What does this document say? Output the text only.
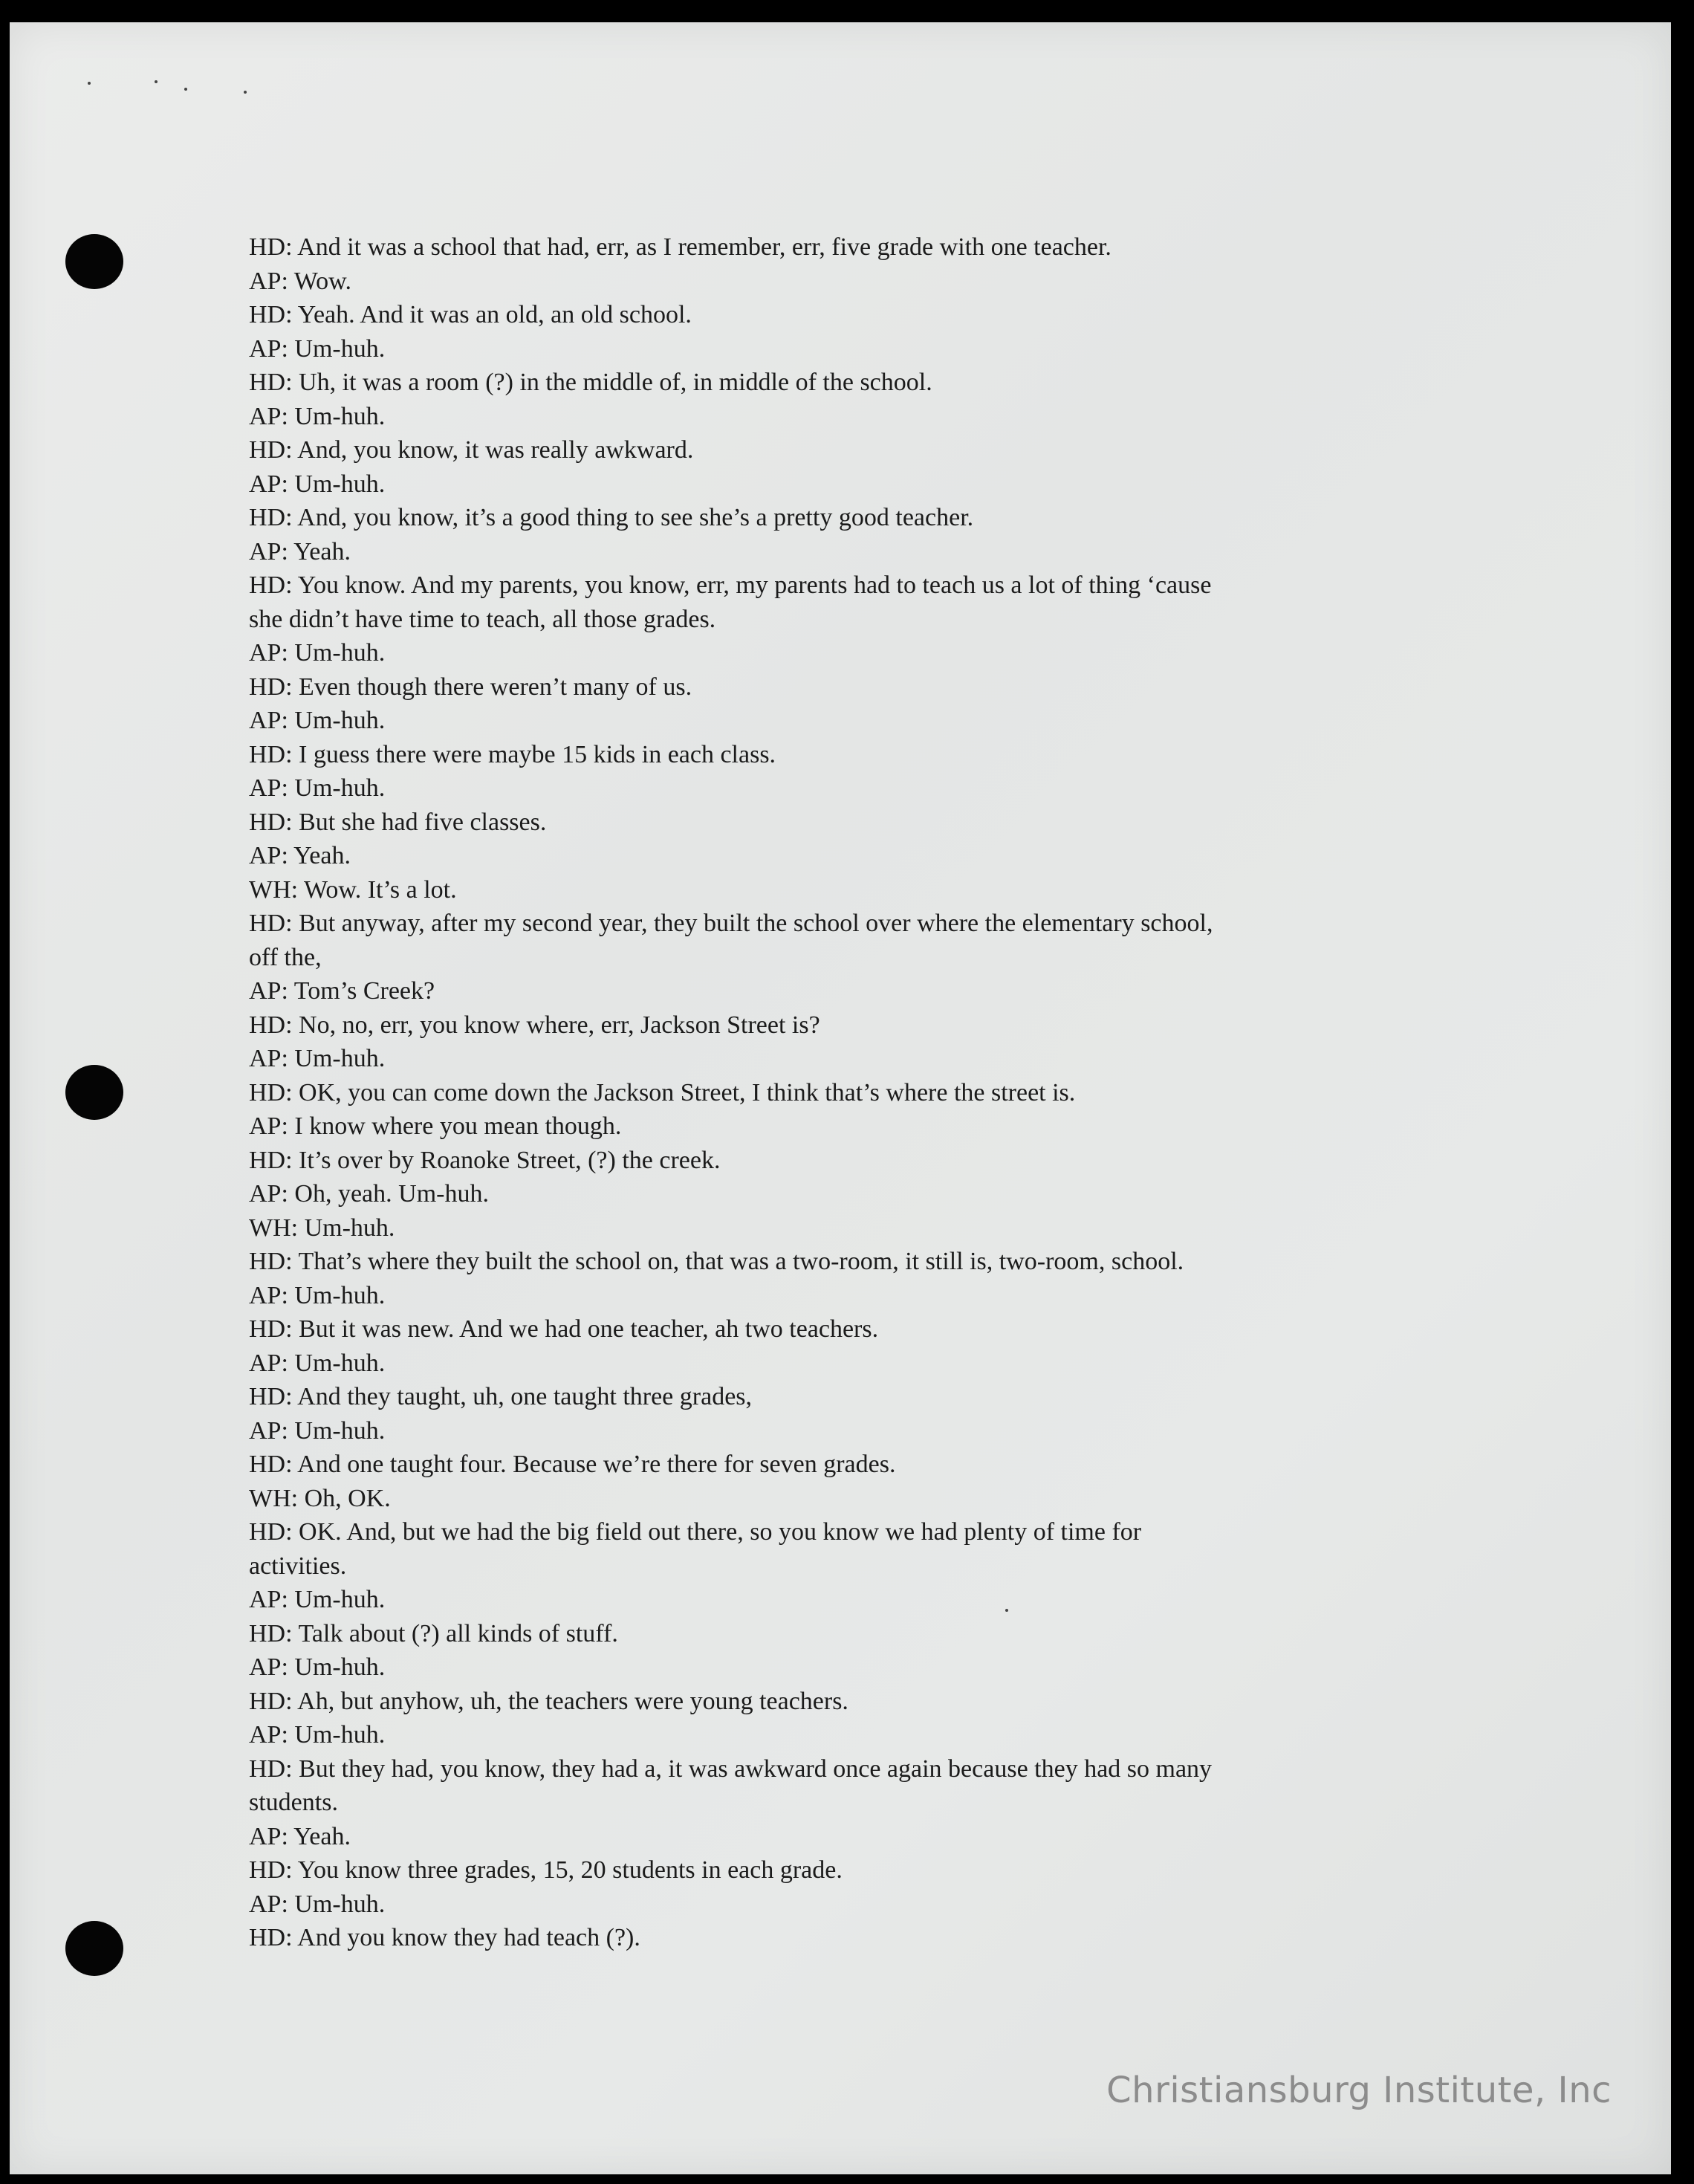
HD: And it was a school that had, err, as I remember, err, five grade with one teacher.
AP: Wow.
HD: Yeah. And it was an old, an old school.
AP: Um-huh.
HD: Uh, it was a room (?) in the middle of, in middle of the school.
AP: Um-huh.
HD: And, you know, it was really awkward.
AP: Um-huh.
HD: And, you know, it’s a good thing to see she’s a pretty good teacher.
AP: Yeah.
HD: You know. And my parents, you know, err, my parents had to teach us a lot of thing ‘cause
she didn’t have time to teach, all those grades.
AP: Um-huh.
HD: Even though there weren’t many of us.
AP: Um-huh.
HD: I guess there were maybe 15 kids in each class.
AP: Um-huh.
HD: But she had five classes.
AP: Yeah.
WH: Wow. It’s a lot.
HD: But anyway, after my second year, they built the school over where the elementary school,
off the,
AP: Tom’s Creek?
HD: No, no, err, you know where, err, Jackson Street is?
AP: Um-huh.
HD: OK, you can come down the Jackson Street, I think that’s where the street is.
AP: I know where you mean though.
HD: It’s over by Roanoke Street, (?) the creek.
AP: Oh, yeah. Um-huh.
WH: Um-huh.
HD: That’s where they built the school on, that was a two-room, it still is, two-room, school.
AP: Um-huh.
HD: But it was new. And we had one teacher, ah two teachers.
AP: Um-huh.
HD: And they taught, uh, one taught three grades,
AP: Um-huh.
HD: And one taught four. Because we’re there for seven grades.
WH: Oh, OK.
HD: OK. And, but we had the big field out there, so you know we had plenty of time for
activities.
AP: Um-huh.
HD: Talk about (?) all kinds of stuff.
AP: Um-huh.
HD: Ah, but anyhow, uh, the teachers were young teachers.
AP: Um-huh.
HD: But they had, you know, they had a, it was awkward once again because they had so many
students.
AP: Yeah.
HD: You know three grades, 15, 20 students in each grade.
AP: Um-huh.
HD: And you know they had teach (?).
Christiansburg Institute, Inc
